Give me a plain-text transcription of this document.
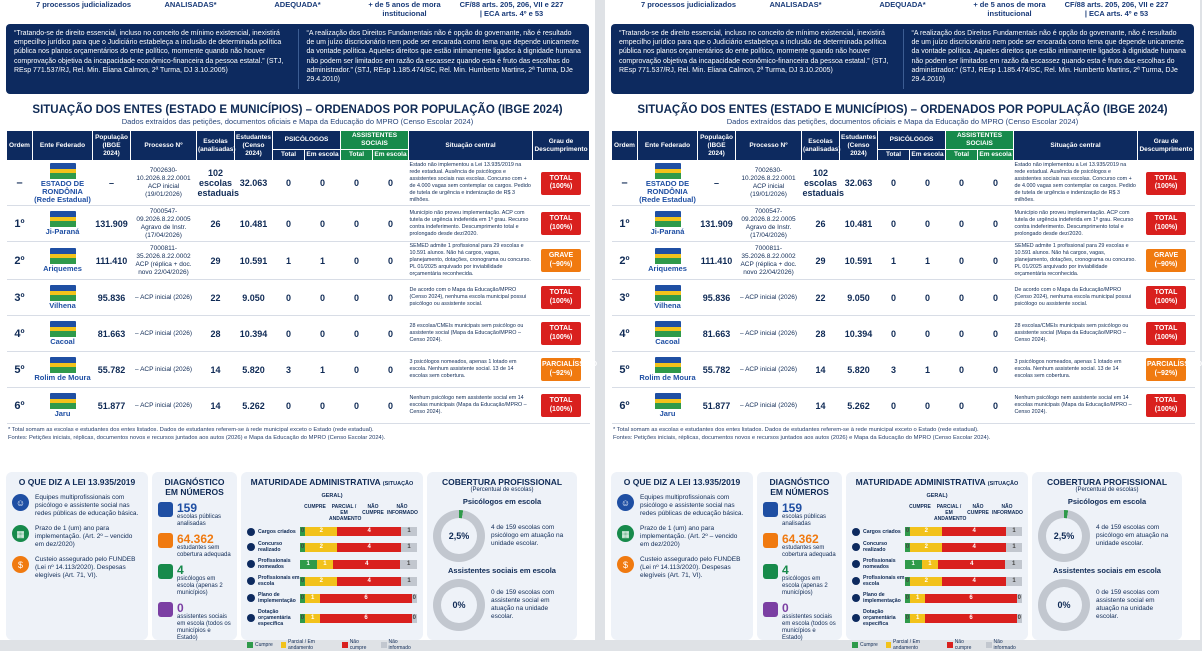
7 processos judicializados	ANALISADAS*	ADEQUADA*	+ de 5 anos de mora institucional
CF/88 arts. 205, 206, VII e 227 | ECA arts. 4º e 53
“Tratando-se de direito essencial, incluso no conceito de mínimo existencial, inexistirá empecilho jurídico para que o Judiciário estabeleça a inclusão de determinada política pública nos planos orçamentários do ente político, mormente quando não houver comprovação objetiva da incapacidade econômico-financeira da pessoa estatal.” (STJ, REsp 771.537/RJ, Rel. Min. Eliana Calmon, 2ª Turma, DJ 3.10.2005)
“A realização dos Direitos Fundamentais não é opção do governante, não é resultado de um juízo discricionário nem pode ser encarada como tema que depende unicamente da vontade política. Aqueles direitos que estão intimamente ligados à dignidade humana não podem ser limitados em razão da escassez quando esta é fruto das escolhas do administrador.” (STJ, REsp 1.185.474/SC, Rel. Min. Humberto Martins, 2ª Turma, DJe 29.4.2010)
SITUAÇÃO DOS ENTES (ESTADO E MUNICÍPIOS) – ORDENADOS POR POPULAÇÃO (IBGE 2024)
Dados extraídos das petições, documentos oficiais e Mapa da Educação do MPRO (Censo Escolar 2024)
Ordem	Ente Federado	População (IBGE 2024)	Processo Nº	Escolas (analisadas)	Estudantes (Censo 2024)	PSICÓLOGOS		ASSISTENTES SOCIAIS		Situação central	Grau de Descumprimento
						Total	Em escola	Total	Em escola		
–	ESTADO DE RONDÔNIA (Rede Estadual)	–	7002630-10.2026.8.22.0001 ACP inicial (19/01/2026)	102 escolas estaduais	32.063	0	0	0	0	Estado não implementou a Lei 13.935/2019 na rede estadual. Ausência de psicólogos e assistentes sociais nas escolas. Concurso com + de 4.000 vagas sem contemplar os cargos. Pedido de tutela de urgência e indenização de R$ 3 milhões.	TOTAL (100%)
1º	Ji-Paraná	131.909	7000547-09.2026.8.22.0005 Agravo de Instr. (17/04/2026)	26	10.481	0	0	0	0	Município não proveu implementação. ACP com tutela de urgência indeferida em 1º grau. Recurso contra indeferimento. Descumprimento total e prolongado desde dez/2020.	TOTAL (100%)
2º	Ariquemes	111.410	7000811-35.2026.8.22.0002 ACP (réplica + doc. novo 22/04/2026)	29	10.591	1	1	0	0	SEMED admite 1 profissional para 29 escolas e 10.591 alunos. Não há cargos, vagas, planejamento, dotações, cronograma ou concurso. PL 01/2025 arquivado por inviabilidade orçamentária reconhecida.	GRAVE (~90%)
3º	Vilhena	95.836	– ACP inicial (2026)	22	9.050	0	0	0	0	De acordo com o Mapa da Educação/MPRO (Censo 2024), nenhuma escola municipal possui psicólogo ou assistente social.	TOTAL (100%)
4º	Cacoal	81.663	– ACP inicial (2026)	28	10.394	0	0	0	0	28 escolas/CMEIs municipais sem psicólogo ou assistente social (Mapa da Educação/MPRO – Censo 2024).	TOTAL (100%)
5º	Rolim de Moura	55.782	– ACP inicial (2026)	14	5.820	3	1	0	0	3 psicólogos nomeados, apenas 1 lotado em escola. Nenhum assistente social. 13 de 14 escolas sem cobertura.	PARCIALÍSSIMO (~92%)
6º	Jaru	51.877	– ACP inicial (2026)	14	5.262	0	0	0	0	Nenhum psicólogo nem assistente social em 14 escolas municipais (Mapa da Educação/MPRO – Censo 2024).	TOTAL (100%)
* Total somam as escolas e estudantes dos entes listados. Dados de estudantes referem-se à rede municipal exceto o Estado (rede estadual).
Fontes: Petições iniciais, réplicas, documentos novos e recursos juntados aos autos (2026) e Mapa da Educação do MPRO (Censo Escolar 2024).
O QUE DIZ A LEI 13.935/2019
☺	Equipes multiprofissionais com psicólogo e assistente social nas redes públicas de educação básica.
▦	Prazo de 1 (um) ano para implementação. (Art. 2º – vencido em dez/2020)
$	Custeio assegurado pelo FUNDEB (Lei nº 14.113/2020). Despesas elegíveis (Art. 71, VI).
DIAGNÓSTICO EM NÚMEROS
159
escolas públicas analisadas
64.362
estudantes sem cobertura adequada
4
psicólogos em escola (apenas 2 municípios)
0
assistentes sociais em escola (todos os municípios e Estado)
MATURIDADE ADMINISTRATIVA (SITUAÇÃO GERAL)
CUMPRE	PARCIAL / EM ANDAMENTO
NÃO CUMPRE
NÃO INFORMADO
Cargos criados 0	2	4	1
Concurso realizado
0	2	4	1
Profissionais nomeados
1	1	4	1
Profissionais em escola
0	2	4	1
Plano de implementação
0	1	6	0
Dotação orçamentária específica
0	1	6	0
Cumpre	Parcial / Em andamento
Não cumpre
Não informado
COBERTURA PROFISSIONAL
(Percentual de escolas)
Psicólogos em escola
2,5%
4 de 159 escolas com psicólogo em atuação na unidade escolar.
Assistentes sociais em escola
0%
0 de 159 escolas com assistente social em atuação na unidade escolar.
7 processos judicializados	ANALISADAS*	ADEQUADA*	+ de 5 anos de mora institucional
CF/88 arts. 205, 206, VII e 227 | ECA arts. 4º e 53
“Tratando-se de direito essencial, incluso no conceito de mínimo existencial, inexistirá empecilho jurídico para que o Judiciário estabeleça a inclusão de determinada política pública nos planos orçamentários do ente político, mormente quando não houver comprovação objetiva da incapacidade econômico-financeira da pessoa estatal.” (STJ, REsp 771.537/RJ, Rel. Min. Eliana Calmon, 2ª Turma, DJ 3.10.2005)
“A realização dos Direitos Fundamentais não é opção do governante, não é resultado de um juízo discricionário nem pode ser encarada como tema que depende unicamente da vontade política. Aqueles direitos que estão intimamente ligados à dignidade humana não podem ser limitados em razão da escassez quando esta é fruto das escolhas do administrador.” (STJ, REsp 1.185.474/SC, Rel. Min. Humberto Martins, 2ª Turma, DJe 29.4.2010)
SITUAÇÃO DOS ENTES (ESTADO E MUNICÍPIOS) – ORDENADOS POR POPULAÇÃO (IBGE 2024)
Dados extraídos das petições, documentos oficiais e Mapa da Educação do MPRO (Censo Escolar 2024)
Ordem	Ente Federado	População (IBGE 2024)	Processo Nº	Escolas (analisadas)	Estudantes (Censo 2024)	PSICÓLOGOS		ASSISTENTES SOCIAIS		Situação central	Grau de Descumprimento
						Total	Em escola	Total	Em escola		
–	ESTADO DE RONDÔNIA (Rede Estadual)	–	7002630-10.2026.8.22.0001 ACP inicial (19/01/2026)	102 escolas estaduais	32.063	0	0	0	0	Estado não implementou a Lei 13.935/2019 na rede estadual. Ausência de psicólogos e assistentes sociais nas escolas. Concurso com + de 4.000 vagas sem contemplar os cargos. Pedido de tutela de urgência e indenização de R$ 3 milhões.	TOTAL (100%)
1º	Ji-Paraná	131.909	7000547-09.2026.8.22.0005 Agravo de Instr. (17/04/2026)	26	10.481	0	0	0	0	Município não proveu implementação. ACP com tutela de urgência indeferida em 1º grau. Recurso contra indeferimento. Descumprimento total e prolongado desde dez/2020.	TOTAL (100%)
2º	Ariquemes	111.410	7000811-35.2026.8.22.0002 ACP (réplica + doc. novo 22/04/2026)	29	10.591	1	1	0	0	SEMED admite 1 profissional para 29 escolas e 10.591 alunos. Não há cargos, vagas, planejamento, dotações, cronograma ou concurso. PL 01/2025 arquivado por inviabilidade orçamentária reconhecida.	GRAVE (~90%)
3º	Vilhena	95.836	– ACP inicial (2026)	22	9.050	0	0	0	0	De acordo com o Mapa da Educação/MPRO (Censo 2024), nenhuma escola municipal possui psicólogo ou assistente social.	TOTAL (100%)
4º	Cacoal	81.663	– ACP inicial (2026)	28	10.394	0	0	0	0	28 escolas/CMEIs municipais sem psicólogo ou assistente social (Mapa da Educação/MPRO – Censo 2024).	TOTAL (100%)
5º	Rolim de Moura	55.782	– ACP inicial (2026)	14	5.820	3	1	0	0	3 psicólogos nomeados, apenas 1 lotado em escola. Nenhum assistente social. 13 de 14 escolas sem cobertura.	PARCIALÍSSIMO (~92%)
6º	Jaru	51.877	– ACP inicial (2026)	14	5.262	0	0	0	0	Nenhum psicólogo nem assistente social em 14 escolas municipais (Mapa da Educação/MPRO – Censo 2024).	TOTAL (100%)
* Total somam as escolas e estudantes dos entes listados. Dados de estudantes referem-se à rede municipal exceto o Estado (rede estadual).
Fontes: Petições iniciais, réplicas, documentos novos e recursos juntados aos autos (2026) e Mapa da Educação do MPRO (Censo Escolar 2024).
O QUE DIZ A LEI 13.935/2019
☺	Equipes multiprofissionais com psicólogo e assistente social nas redes públicas de educação básica.
▦	Prazo de 1 (um) ano para implementação. (Art. 2º – vencido em dez/2020)
$	Custeio assegurado pelo FUNDEB (Lei nº 14.113/2020). Despesas elegíveis (Art. 71, VI).
DIAGNÓSTICO EM NÚMEROS
159
escolas públicas analisadas
64.362
estudantes sem cobertura adequada
4
psicólogos em escola (apenas 2 municípios)
0
assistentes sociais em escola (todos os municípios e Estado)
MATURIDADE ADMINISTRATIVA (SITUAÇÃO GERAL)
CUMPRE	PARCIAL / EM ANDAMENTO
NÃO CUMPRE
NÃO INFORMADO
Cargos criados 0	2	4	1
Concurso realizado
0	2	4	1
Profissionais nomeados
1	1	4	1
Profissionais em escola
0	2	4	1
Plano de implementação
0	1	6	0
Dotação orçamentária específica
0	1	6	0
Cumpre	Parcial / Em andamento
Não cumpre
Não informado
COBERTURA PROFISSIONAL
(Percentual de escolas)
Psicólogos em escola
2,5%
4 de 159 escolas com psicólogo em atuação na unidade escolar.
Assistentes sociais em escola
0%
0 de 159 escolas com assistente social em atuação na unidade escolar.
